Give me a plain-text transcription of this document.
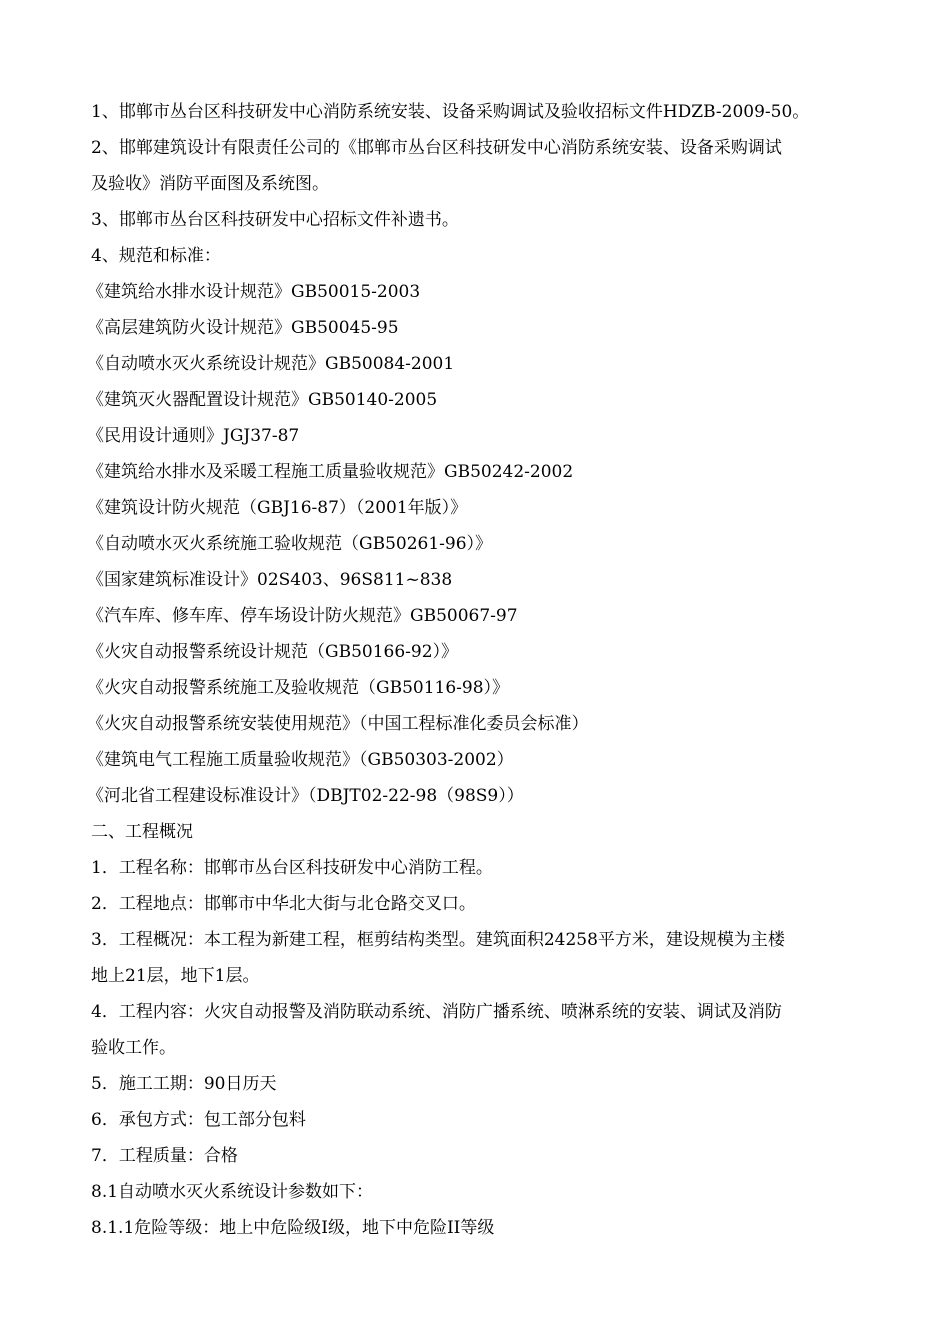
1、邯郸市丛台区科技研发中心消防系统安装、设备采购调试及验收招标文件HDZB-2009-50。
2、邯郸建筑设计有限责任公司的《邯郸市丛台区科技研发中心消防系统安装、设备采购调试
及验收》消防平面图及系统图。
3、邯郸市丛台区科技研发中心招标文件补遗书。
4、规范和标准：
《建筑给水排水设计规范》GB50015-2003
《高层建筑防火设计规范》GB50045-95
《自动喷水灭火系统设计规范》GB50084-2001
《建筑灭火器配置设计规范》GB50140-2005
《民用设计通则》JGJ37-87
《建筑给水排水及采暖工程施工质量验收规范》GB50242-2002
《建筑设计防火规范（GBJ16-87）（2001年版）》
《自动喷水灭火系统施工验收规范（GB50261-96）》
《国家建筑标准设计》02S403、96S811~838
《汽车库、修车库、停车场设计防火规范》GB50067-97
《火灾自动报警系统设计规范（GB50166-92）》
《火灾自动报警系统施工及验收规范（GB50116-98）》
《火灾自动报警系统安装使用规范》（中国工程标准化委员会标准）
《建筑电气工程施工质量验收规范》（GB50303-2002）
《河北省工程建设标准设计》（DBJT02-22-98（98S9））
二、工程概况
1．工程名称：邯郸市丛台区科技研发中心消防工程。
2．工程地点：邯郸市中华北大街与北仓路交叉口。
3．工程概况：本工程为新建工程，框剪结构类型。建筑面积24258平方米，建设规模为主楼
地上21层，地下1层。
4．工程内容：火灾自动报警及消防联动系统、消防广播系统、喷淋系统的安装、调试及消防
验收工作。
5．施工工期：90日历天
6．承包方式：包工部分包料
7．工程质量：合格
8.1自动喷水灭火系统设计参数如下：
8.1.1危险等级：地上中危险级Ⅰ级，地下中危险II等级
